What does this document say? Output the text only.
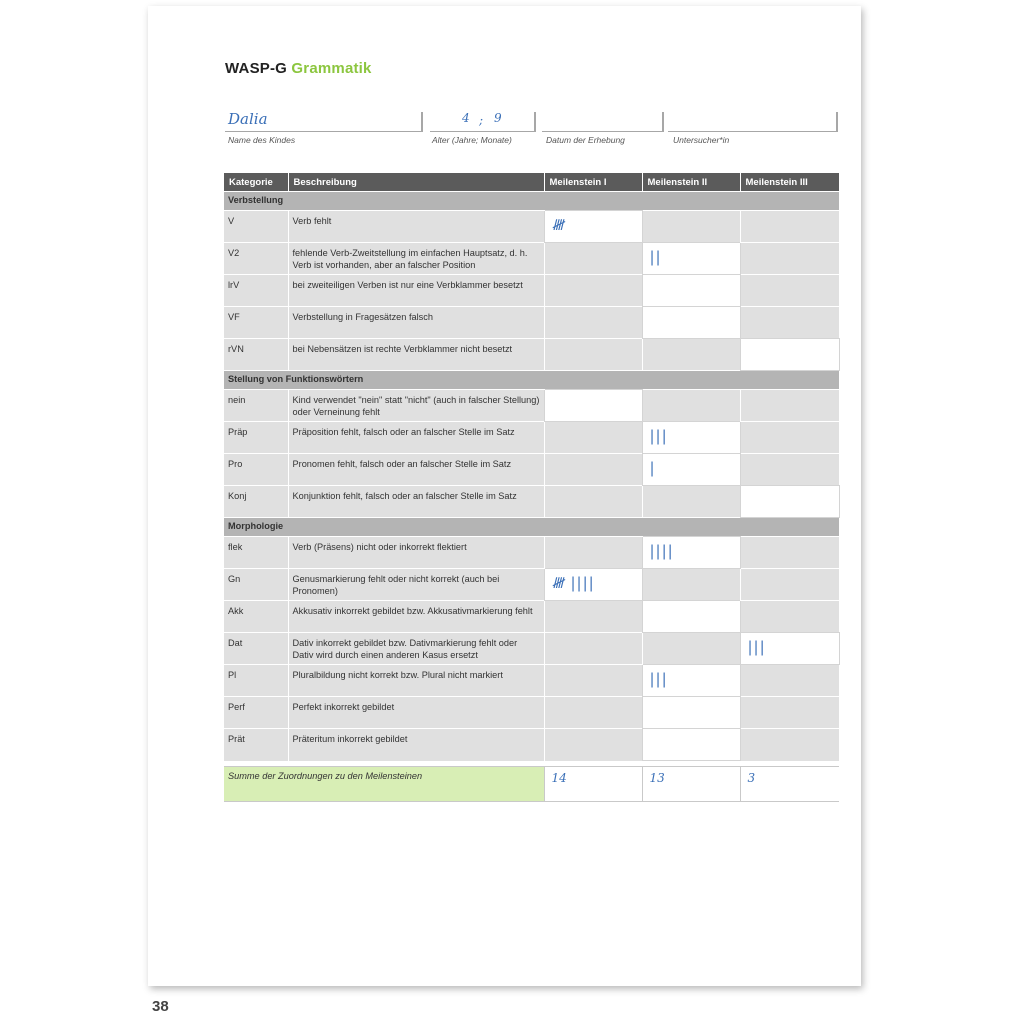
WASP-G Grammatik
Dalia
Name des Kindes
4 ; 9
Alter (Jahre; Monate)	Datum der Erhebung	Untersucher*in
Kategorie	Beschreibung	Meilenstein I	Meilenstein II	Meilenstein III
Verbstellung				
V	Verb fehlt	𝍸		
V2	fehlende Verb-Zweitstellung im einfachen Hauptsatz, d. h. Verb ist vorhanden, aber an falscher Position		||	
lrV	bei zweiteiligen Verben ist nur eine Verbklammer besetzt			
VF	Verbstellung in Fragesätzen falsch			
rVN	bei Nebensätzen ist rechte Verbklammer nicht besetzt			
Stellung von Funktionswörtern				
nein	Kind verwendet "nein" statt "nicht" (auch in falscher Stellung) oder Verneinung fehlt			
Präp	Präposition fehlt, falsch oder an falscher Stelle im Satz		|||	
Pro	Pronomen fehlt, falsch oder an falscher Stelle im Satz		|	
Konj	Konjunktion fehlt, falsch oder an falscher Stelle im Satz			
Morphologie				
flek	Verb (Präsens) nicht oder inkorrekt flektiert		||||	
Gn	Genusmarkierung fehlt oder nicht korrekt (auch bei Pronomen)	𝍸 ||||		
Akk	Akkusativ inkorrekt gebildet bzw. Akkusativmarkierung fehlt			
Dat	Dativ inkorrekt gebildet bzw. Dativmarkierung fehlt oder Dativ wird durch einen anderen Kasus ersetzt			|||
Pl	Pluralbildung nicht korrekt bzw. Plural nicht markiert		|||	
Perf	Perfekt inkorrekt gebildet			
Prät	Präteritum inkorrekt gebildet			
Summe der Zuordnungen zu den Meilensteinen	14	13	3
38
